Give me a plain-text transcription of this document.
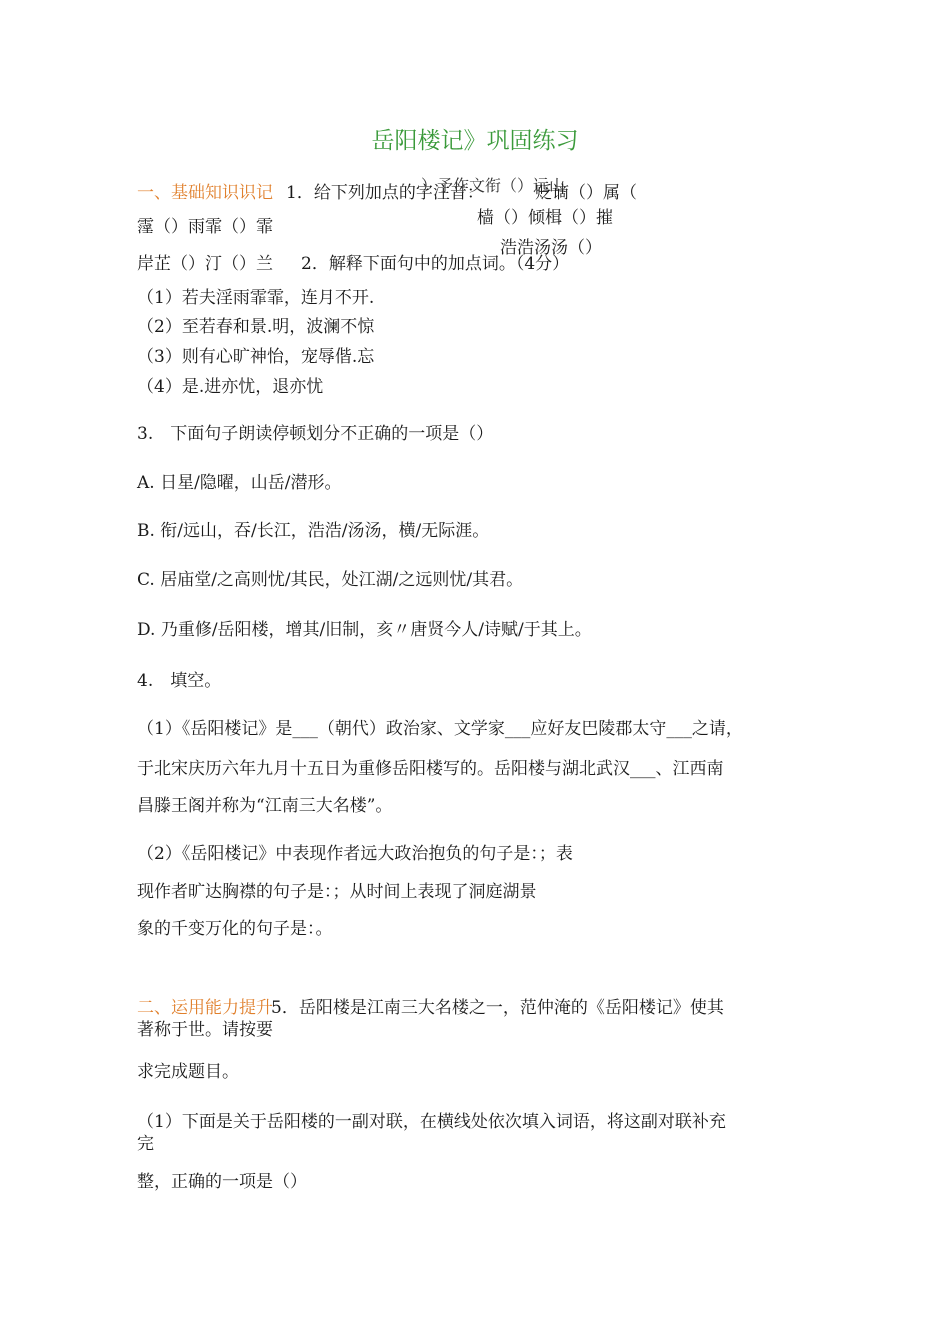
岳阳楼记》巩固练习
一、基础知识识记 1．给下列加点的字注音：
）予作文衔（）远山
贬谪（）属（
霪（）雨霏（）霏	樯（）倾楫（）摧
浩浩汤汤（）
岸芷（）汀（）兰 2．解释下面句中的加点词。（4分）
（1）若夫淫雨霏霏，连月不开.
（2）至若春和景.明，波澜不惊
（3）则有心旷神怡，宠辱偕.忘
（4）是.进亦忧，退亦忧
3.　下面句子朗读停顿划分不正确的一项是（）
A. 日星/隐曜，山岳/潜形。
B. 衔/远山，吞/长江，浩浩/汤汤，横/无际涯。
C. 居庙堂/之高则忧/其民，处江湖/之远则忧/其君。
D. 乃重修/岳阳楼，增其/旧制，亥〃唐贤今人/诗赋/于其上。
4.　填空。
（1）《岳阳楼记》是___（朝代）政治家、文学家___应好友巴陵郡太守___之请，
于北宋庆历六年九月十五日为重修岳阳楼写的。岳阳楼与湖北武汉___、江西南
昌滕王阁并称为“江南三大名楼”。
（2）《岳阳楼记》中表现作者远大政治抱负的句子是：；表
现作者旷达胸襟的句子是：；从时间上表现了洞庭湖景
象的千变万化的句子是：。
二、运用能力提升
5．岳阳楼是江南三大名楼之一，范仲淹的《岳阳楼记》使其
著称于世。请按要
求完成题目。
（1）下面是关于岳阳楼的一副对联，在横线处依次填入词语，将这副对联补充
完
整，正确的一项是（）
